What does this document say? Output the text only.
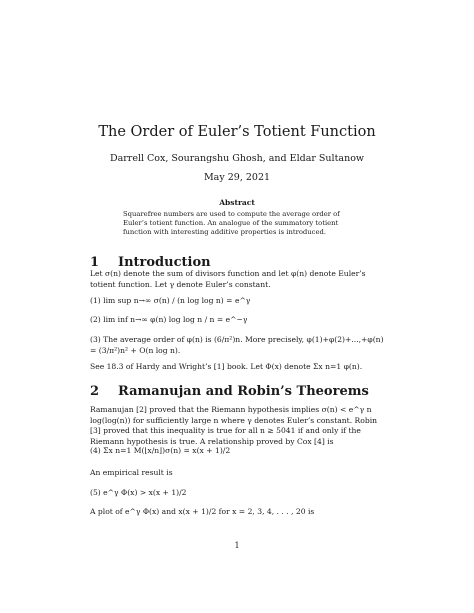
The Order of Euler’s Totient Function
Darrell Cox, Sourangshu Ghosh, and Eldar Sultanow
May 29, 2021
Abstract
Squarefree numbers are used to compute the average order of Euler’s totient function. An analogue of the summatory totient function with interesting additive properties is introduced.
1 Introduction
Let σ(n) denote the sum of divisors function and let φ(n) denote Euler’s totient function. Let γ denote Euler’s constant.
(1) lim sup n→∞ σ(n) / (n log log n) = e^γ
(2) lim inf n→∞ φ(n) log log n / n = e^−γ
(3) The average order of φ(n) is (6/π²)n. More precisely, φ(1)+φ(2)+...,+φ(n) = (3/π²)n² + O(n log n).
See 18.3 of Hardy and Wright’s [1] book. Let Φ(x) denote Σx n=1 φ(n).
2 Ramanujan and Robin’s Theorems
Ramanujan [2] proved that the Riemann hypothesis implies σ(n) < e^γ n log(log(n)) for sufficiently large n where γ denotes Euler’s constant. Robin [3] proved that this inequality is true for all n ≥ 5041 if and only if the Riemann hypothesis is true. A relationship proved by Cox [4] is
(4) Σx n=1 M(⌊x/n⌋)σ(n) = x(x + 1)/2
An empirical result is
(5) e^γ Φ(x) > x(x + 1)/2
A plot of e^γ Φ(x) and x(x + 1)/2 for x = 2, 3, 4, . . . , 20 is
1
